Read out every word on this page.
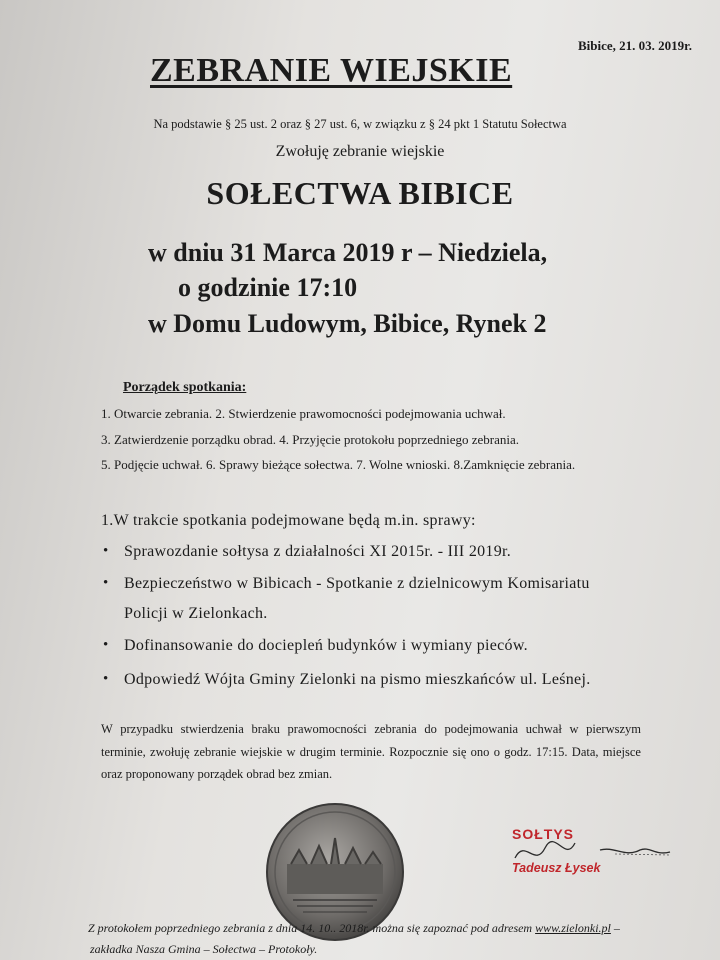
Bibice, 21. 03. 2019r.

ZEBRANIE WIEJSKIE

Na podstawie § 25 ust. 2 oraz § 27 ust. 6, w związku z § 24 pkt 1 Statutu Sołectwa

Zwołuję zebranie wiejskie

SOŁECTWA BIBICE

w dniu 31 Marca 2019 r – Niedziela,

o godzinie 17:10

w Domu Ludowym, Bibice, Rynek 2

Porządek spotkania:

1. Otwarcie zebrania. 2. Stwierdzenie prawomocności podejmowania uchwał.

3. Zatwierdzenie porządku obrad. 4. Przyjęcie protokołu poprzedniego zebrania.

5. Podjęcie uchwał. 6. Sprawy bieżące sołectwa. 7. Wolne wnioski. 8.Zamknięcie zebrania.

1.W trakcie spotkania podejmowane będą m.in. sprawy:

• Sprawozdanie sołtysa z działalności XI 2015r. - III 2019r.

• Bezpieczeństwo w Bibicach - Spotkanie z dzielnicowym Komisariatu

Policji w Zielonkach.

• Dofinansowanie do dociepleń budynków i wymiany pieców.

• Odpowiedź Wójta Gminy Zielonki na pismo mieszkańców ul. Leśnej.

W przypadku stwierdzenia braku prawomocności zebrania do podejmowania uchwał w pierwszym terminie, zwołuję zebranie wiejskie w drugim terminie. Rozpocznie się ono o godz. 17:15. Data, miejsce oraz proponowany porządek obrad bez zmian.

SOŁTYS

Tadeusz Łysek

Z protokołem poprzedniego zebrania z dnia 14. 10.. 2018r. można się zapoznać pod adresem www.zielonki.pl –

zakładka Nasza Gmina – Sołectwa – Protokoły.
